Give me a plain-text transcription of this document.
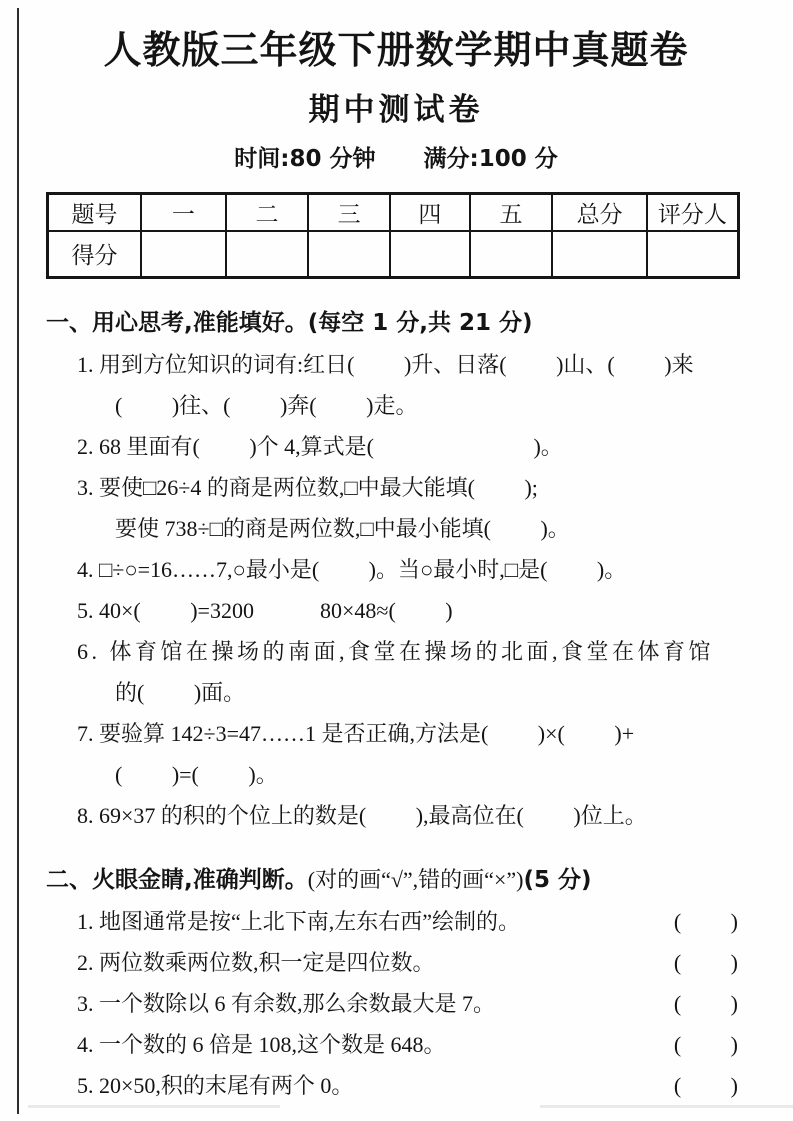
人教版三年级下册数学期中真题卷
期中测试卷
时间:80 分钟 满分:100 分
题号	一	二	三	四	五	总分	评分人
得分							

一、用心思考,准能填好。(每空 1 分,共 21 分)

1. 用到方位知识的词有:红日(　　 )升、日落(　　 )山、(　　 )来

(　　 )往、(　　 )奔(　　 )走。

2. 68 里面有(　　 )个 4,算式是(　　　　　　　 )。

3. 要使□26÷4 的商是两位数,□中最大能填(　　 );

要使 738÷□的商是两位数,□中最小能填(　　 )。

4. □÷○=16……7,○最小是(　　 )。当○最小时,□是(　　 )。

5. 40×(　　 )=3200　　　80×48≈(　　 )

6. 体育馆在操场的南面,食堂在操场的北面,食堂在体育馆

的(　　 )面。

7. 要验算 142÷3=47……1 是否正确,方法是(　　 )×(　　 )+

(　　 )=(　　 )。

8. 69×37 的积的个位上的数是(　　 ),最高位在(　　 )位上。

二、火眼金睛,准确判断。(对的画“√”,错的画“×”)(5 分)

1. 地图通常是按“上北下南,左东右西”绘制的。	(　　 )

2. 两位数乘两位数,积一定是四位数。	(　　 )

3. 一个数除以 6 有余数,那么余数最大是 7。	(　　 )

4. 一个数的 6 倍是 108,这个数是 648。	(　　 )

5. 20×50,积的末尾有两个 0。	(　　 )
